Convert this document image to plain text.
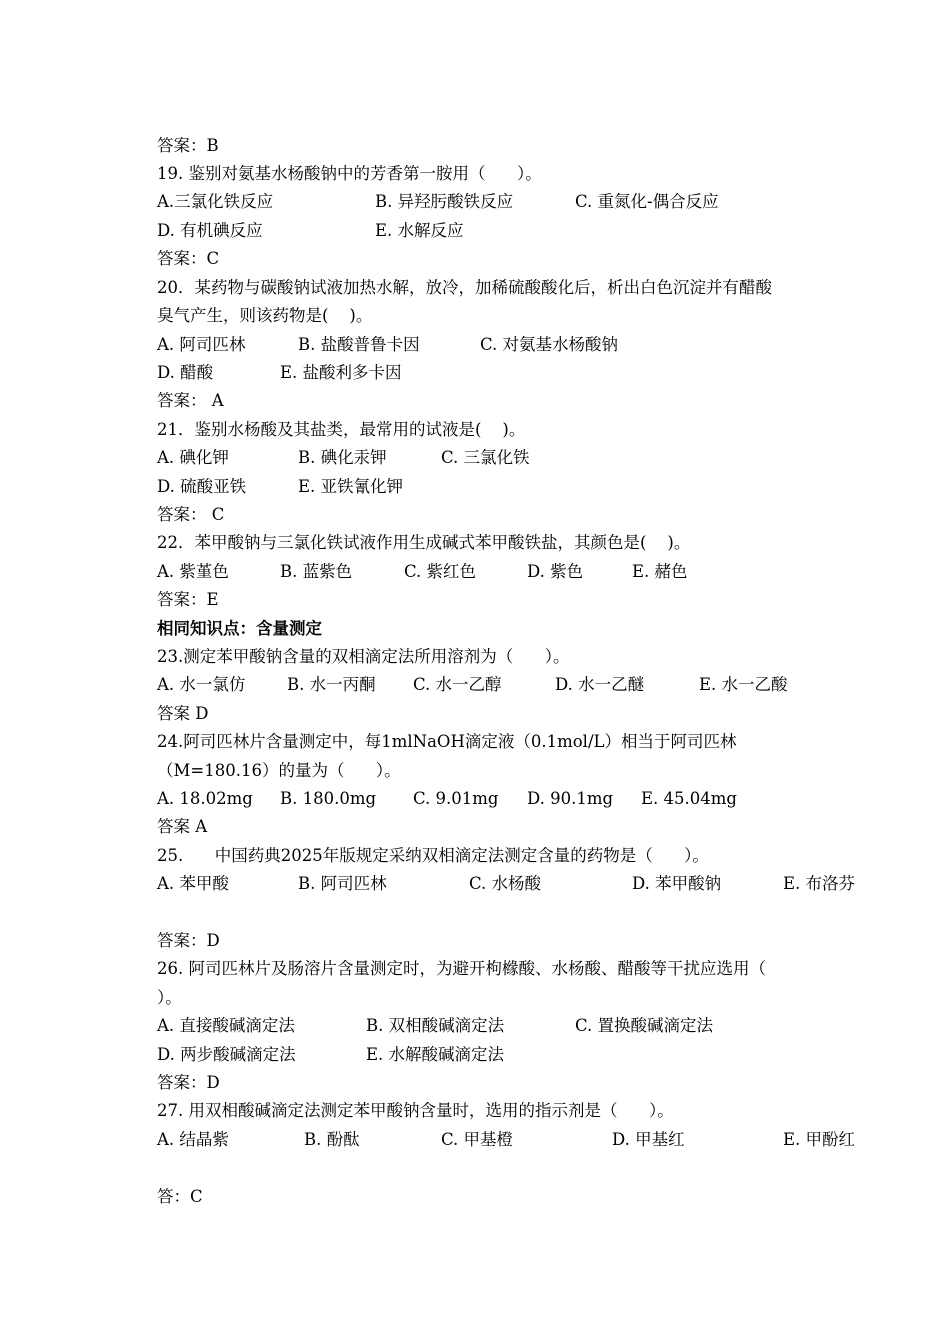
答案：B
19. 鉴别对氨基水杨酸钠中的芳香第一胺用（      ）。
A.三氯化铁反应	B. 异羟肟酸铁反应	C. 重氮化-偶合反应
D. 有机碘反应	E. 水解反应
答案：C
20．某药物与碳酸钠试液加热水解，放冷，加稀硫酸酸化后，析出白色沉淀并有醋酸
臭气产生，则该药物是(    )。
A. 阿司匹林	B. 盐酸普鲁卡因	C. 对氨基水杨酸钠
D. 醋酸	E. 盐酸利多卡因
答案： A
21．鉴别水杨酸及其盐类，最常用的试液是(    )。
A. 碘化钾	B. 碘化汞钾	C. 三氯化铁
D. 硫酸亚铁	E. 亚铁氰化钾
答案： C
22．苯甲酸钠与三氯化铁试液作用生成碱式苯甲酸铁盐，其颜色是(    )。
A. 紫堇色	B. 蓝紫色	C. 紫红色	D. 紫色	E. 赭色
答案：E
相同知识点：含量测定
23.测定苯甲酸钠含量的双相滴定法所用溶剂为（      ）。
A. 水一氯仿	B. 水一丙酮 C. 水一乙醇	D. 水一乙醚	E. 水一乙酸
答案 D
24.阿司匹林片含量测定中，每1mlNaOH滴定液（0.1mol/L）相当于阿司匹林
（M=180.16）的量为（      ）。
A. 18.02mg B. 180.0mg C. 9.01mg D. 90.1mg E. 45.04mg
答案 A
25.      中国药典2025年版规定采纳双相滴定法测定含量的药物是（      ）。
A. 苯甲酸	B. 阿司匹林	C. 水杨酸	D. 苯甲酸钠	E. 布洛芬
答案：D
26. 阿司匹林片及肠溶片含量测定时，为避开枸橼酸、水杨酸、醋酸等干扰应选用（
）。
A. 直接酸碱滴定法	B. 双相酸碱滴定法	C. 置换酸碱滴定法
D. 两步酸碱滴定法	E. 水解酸碱滴定法
答案：D
27. 用双相酸碱滴定法测定苯甲酸钠含量时，选用的指示剂是（      ）。
A. 结晶紫	B. 酚酞	C. 甲基橙	D. 甲基红	E. 甲酚红
答：C
